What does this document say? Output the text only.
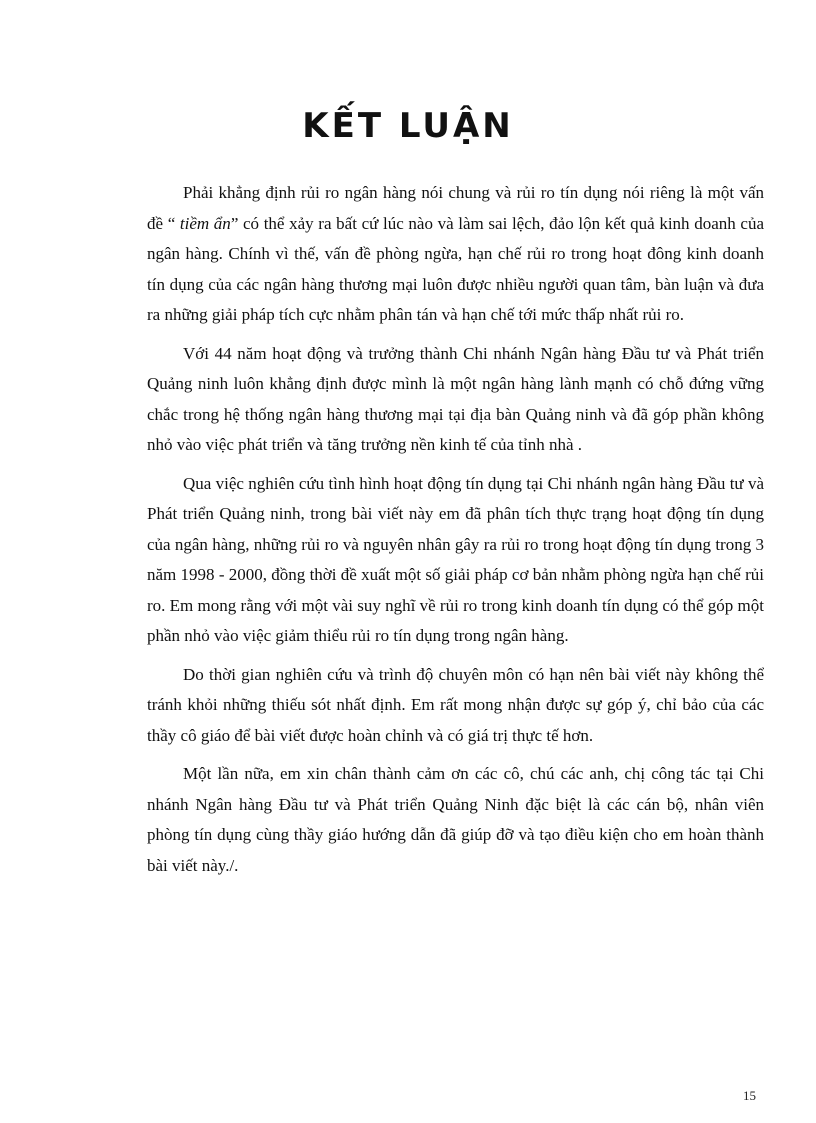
KẾT LUẬN

Phải khẳng định rủi ro ngân hàng nói chung và rủi ro tín dụng nói riêng là một vấn đề “ tiềm ẩn” có thể xảy ra bất cứ lúc nào và làm sai lệch, đảo lộn kết quả kinh doanh của ngân hàng. Chính vì thế, vấn đề phòng ngừa, hạn chế rủi ro trong hoạt đông kinh doanh tín dụng của các ngân hàng thương mại luôn được nhiều người quan tâm, bàn luận và đưa ra những giải pháp tích cực nhằm phân tán và hạn chế tới mức thấp nhất rủi ro.

Với 44 năm hoạt động và trưởng thành Chi nhánh Ngân hàng Đầu tư và Phát triển Quảng ninh luôn khẳng định được mình là một ngân hàng lành mạnh có chỗ đứng vững chắc trong hệ thống ngân hàng thương mại tại địa bàn Quảng ninh và đã góp phần không nhỏ vào việc phát triển và tăng trưởng nền kinh tế của tỉnh nhà .

Qua việc nghiên cứu tình hình hoạt động tín dụng tại Chi nhánh ngân hàng Đầu tư và Phát triển Quảng ninh, trong bài viết này em đã phân tích thực trạng hoạt động tín dụng của ngân hàng, những rủi ro và nguyên nhân gây ra rủi ro trong hoạt động tín dụng trong 3 năm 1998 - 2000, đồng thời đề xuất một số giải pháp cơ bản nhằm phòng ngừa hạn chế rủi ro. Em mong rằng với một vài suy nghĩ về rủi ro trong kinh doanh tín dụng có thể góp một phần nhỏ vào việc giảm thiểu rủi ro tín dụng trong ngân hàng.

Do thời gian nghiên cứu và trình độ chuyên môn có hạn nên bài viết này không thể tránh khỏi những thiếu sót nhất định. Em rất mong nhận được sự góp ý, chỉ bảo của các thầy cô giáo để bài viết được hoàn chỉnh và có giá trị thực tế hơn.

Một lần nữa, em xin chân thành cảm ơn các cô, chú các anh, chị công tác tại Chi nhánh Ngân hàng Đầu tư và Phát triển Quảng Ninh đặc biệt là các cán bộ, nhân viên phòng tín dụng cùng thầy giáo hướng dẫn đã giúp đỡ và tạo điều kiện cho em hoàn thành bài viết này./.

15
